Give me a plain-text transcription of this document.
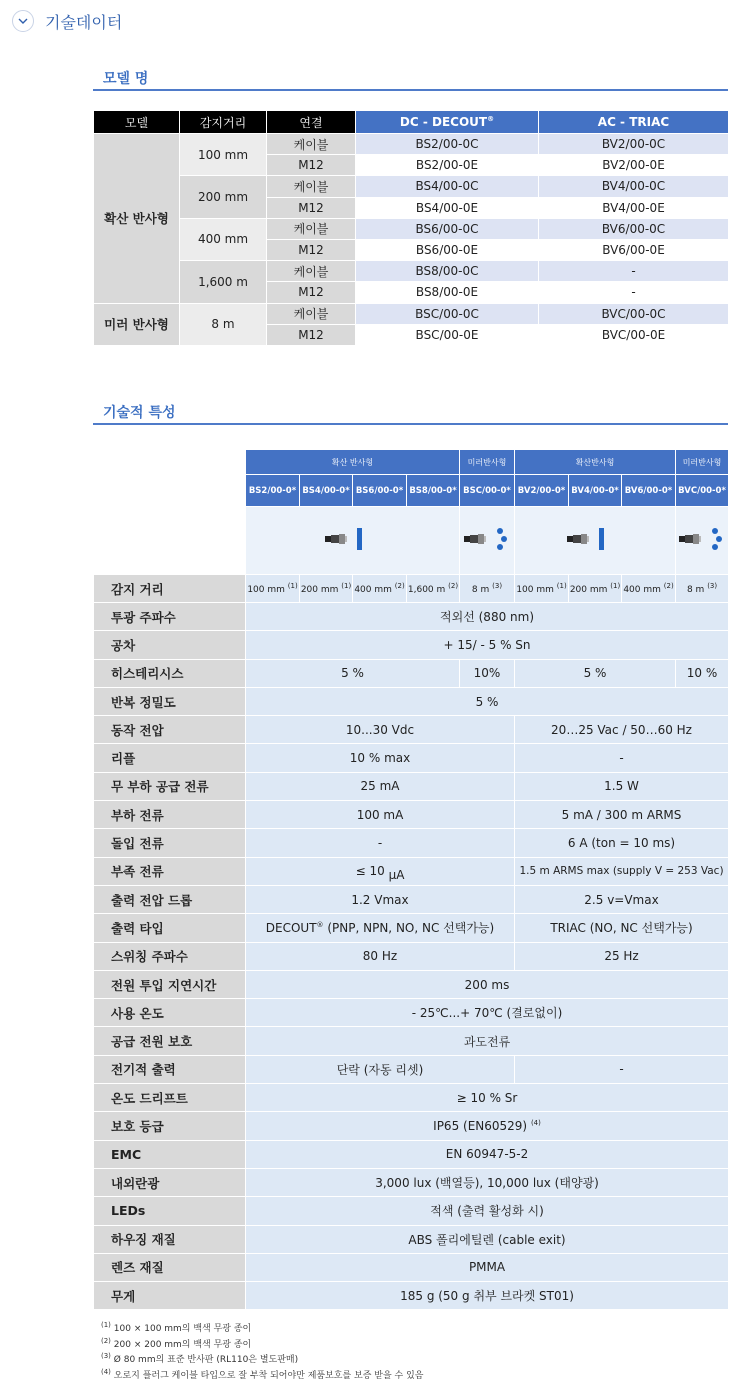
기술데이터
모델 명
모델	감지거리	연결	DC - DECOUT®	AC - TRIAC
확산 반사형	100 mm	케이블	BS2/00-0C	BV2/00-0C
		M12	BS2/00-0E	BV2/00-0E
	200 mm	케이블	BS4/00-0C	BV4/00-0C
		M12	BS4/00-0E	BV4/00-0E
	400 mm	케이블	BS6/00-0C	BV6/00-0C
		M12	BS6/00-0E	BV6/00-0E
	1,600 m	케이블	BS8/00-0C	-
		M12	BS8/00-0E	-
미러 반사형	8 m	케이블	BSC/00-0C	BVC/00-0C
		M12	BSC/00-0E	BVC/00-0E
기술적 특성
	확산 반사형				미러반사형	확산반사형			미러반사형
	BS2/00-0*	BS4/00-0*	BS6/00-0*	BS8/00-0*	BSC/00-0*	BV2/00-0*	BV4/00-0*	BV6/00-0*	BVC/00-0*

감지 거리	100 mm $^{(1)}$	200 mm $^{(1)}$	400 mm $^{(2)}$	1,600 m $^{(2)}$	8 m $^{(3)}$	100 mm $^{(1)}$	200 mm $^{(1)}$	400 mm $^{(2)}$	8 m $^{(3)}$
투광 주파수	적외선 (880 nm)								
공차	+ 15/ - 5 % Sn								
히스테리시스	5 %				10%	5 %			10 %
반복 정밀도	5 %								
동작 전압	10...30 Vdc					20…25 Vac / 50…60 Hz			
리플	10 % max					-			
무 부하 공급 전류	25 mA					1.5 W			
부하 전류	100 mA					5 mA / 300 m ARMS			
돌입 전류	-					6 A (ton = 10 ms)			
부족 전류	≤ 10 µA					1.5 m ARMS max (supply V = 253 Vac)			
출력 전압 드롭	1.2 Vmax					2.5 v=Vmax			
출력 타입	DECOUT® (PNP, NPN, NO, NC 선택가능)					TRIAC (NO, NC 선택가능)			
스위칭 주파수	80 Hz					25 Hz			
전원 투입 지연시간	200 ms								
사용 온도	- 25℃...+ 70℃ (결로없이)								
공급 전원 보호	과도전류								
전기적 출력	단락 (자동 리셋)					-			
온도 드리프트	≥ 10 % Sr								
보호 등급	IP65 (EN60529) $^{(4)}$
EMC	EN 60947-5-2								
내외란광	3,000 lux (백열등), 10,000 lux (태양광)								
LEDs	적색 (출력 활성화 시)								
하우징 재질	ABS 폴리에틸렌 (cable exit)								
렌즈 재질	PMMA								
무게	185 g (50 g 취부 브라켓 ST01)								
$^{(1)}$ 100 × 100 mm의 백색 무광 종이
$^{(2)}$ 200 × 200 mm의 백색 무광 종이
$^{(3)}$ Ø 80 mm의 표준 반사판 (RL110은 별도판매)
$^{(4)}$ 오로지 플러그 케이블 타입으로 잘 부착 되어야만 제품보호를 보증 받을 수 있음
